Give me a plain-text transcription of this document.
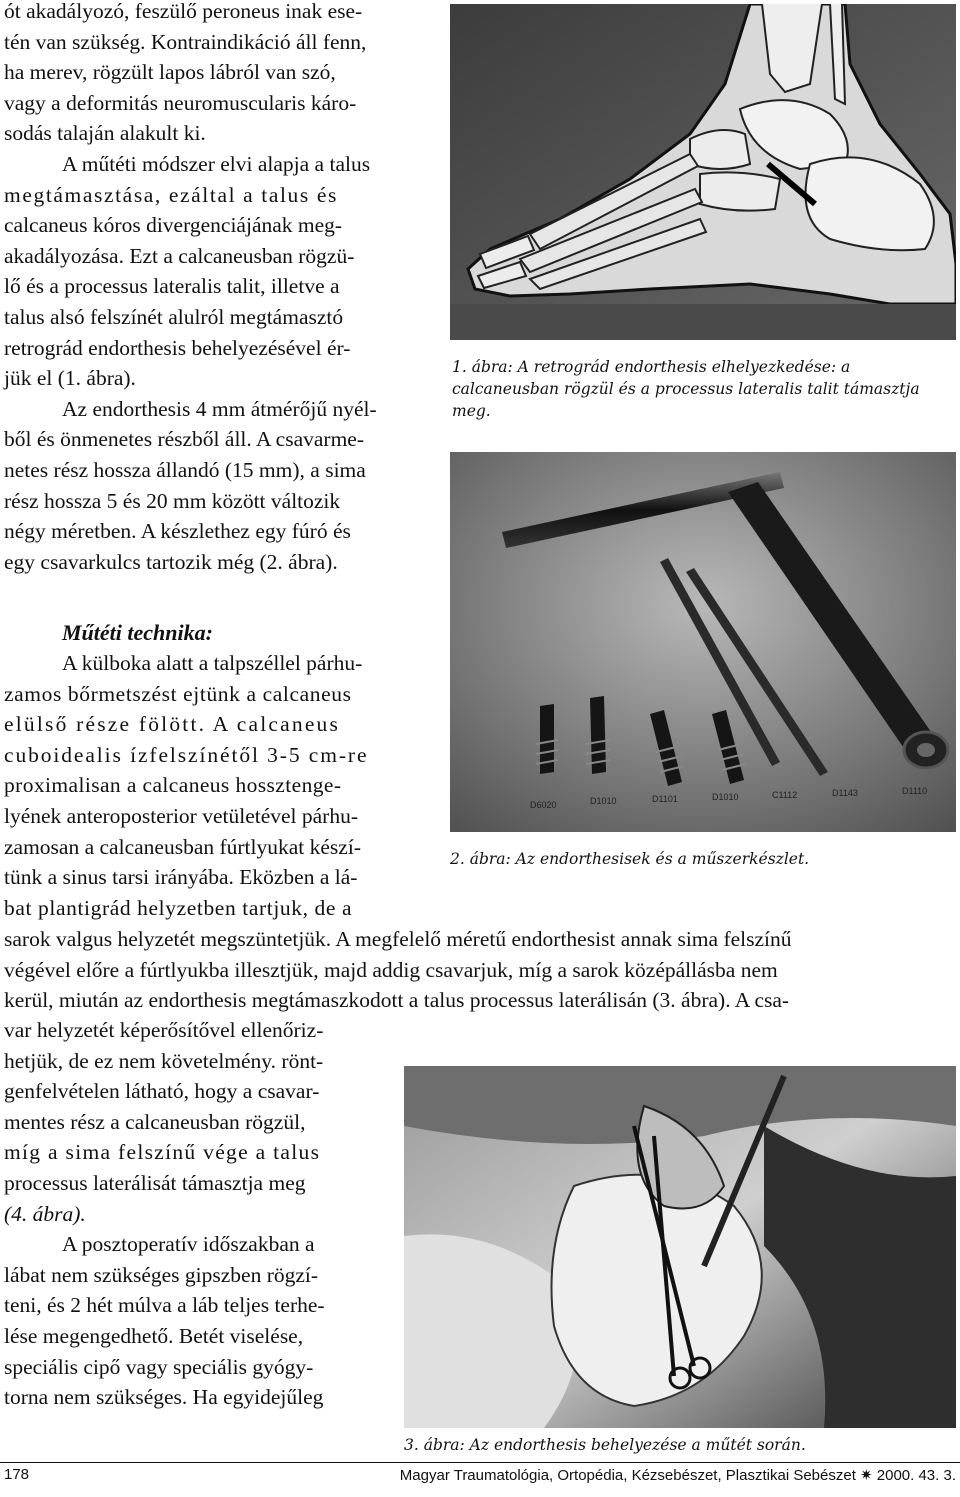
ót akadályozó, feszülő peroneus inak ese-
tén van szükség. Kontraindikáció áll fenn,
ha merev, rögzült lapos lábról van szó,
vagy a deformitás neuromuscularis káro-
sodás talaján alakult ki.
A műtéti módszer elvi alapja a talus
megtámasztása, ezáltal a talus és
calcaneus kóros divergenciájának meg-
akadályozása. Ezt a calcaneusban rögzü-
lő és a processus lateralis talit, illetve a
talus alsó felszínét alulról megtámasztó
retrográd endorthesis behelyezésével ér-
jük el (1. ábra).
Az endorthesis 4 mm átmérőjű nyél-
ből és önmenetes részből áll. A csavarme-
netes rész hossza állandó (15 mm), a sima
rész hossza 5 és 20 mm között változik
négy méretben. A készlethez egy fúró és
egy csavarkulcs tartozik még (2. ábra).
Műtéti technika:
A külboka alatt a talpszéllel párhu-
zamos bőrmetszést ejtünk a calcaneus
elülső része fölött. A calcaneus
cuboidealis ízfelszínétől 3-5 cm-re
proximalisan a calcaneus hossztenge-
lyének anteroposterior vetületével párhu-
zamosan a calcaneusban fúrtlyukat készí-
tünk a sinus tarsi irányába. Eközben a lá-
bat plantigrád helyzetben tartjuk, de a
sarok valgus helyzetét megszüntetjük. A megfelelő méretű endorthesist annak sima felszínű
végével előre a fúrtlyukba illesztjük, majd addig csavarjuk, míg a sarok középállásba nem
kerül, miután az endorthesis megtámaszkodott a talus processus laterálisán (3. ábra). A csa-
var helyzetét képerősítővel ellenőriz-
hetjük, de ez nem követelmény. rönt-
genfelvételen látható, hogy a csavar-
mentes rész a calcaneusban rögzül,
míg a sima felszínű vége a talus
processus laterálisát támasztja meg
(4. ábra).
A posztoperatív időszakban a
lábat nem szükséges gipszben rögzí-
teni, és 2 hét múlva a láb teljes terhe-
lése megengedhető. Betét viselése,
speciális cipő vagy speciális gyógy-
torna nem szükséges. Ha egyidejűleg
1. ábra: A retrográd endorthesis elhelyezkedése: a calcaneusban rögzül és a processus lateralis talit támasztja meg.
D6020	D1010	D1101	D1010	C1112	D1143	D1110
2. ábra: Az endorthesisek és a műszerkészlet.
3. ábra: Az endorthesis behelyezése a műtét során.
178	Magyar Traumatológia, Ortopédia, Kézsebészet, Plasztikai Sebészet ✷ 2000. 43. 3.
